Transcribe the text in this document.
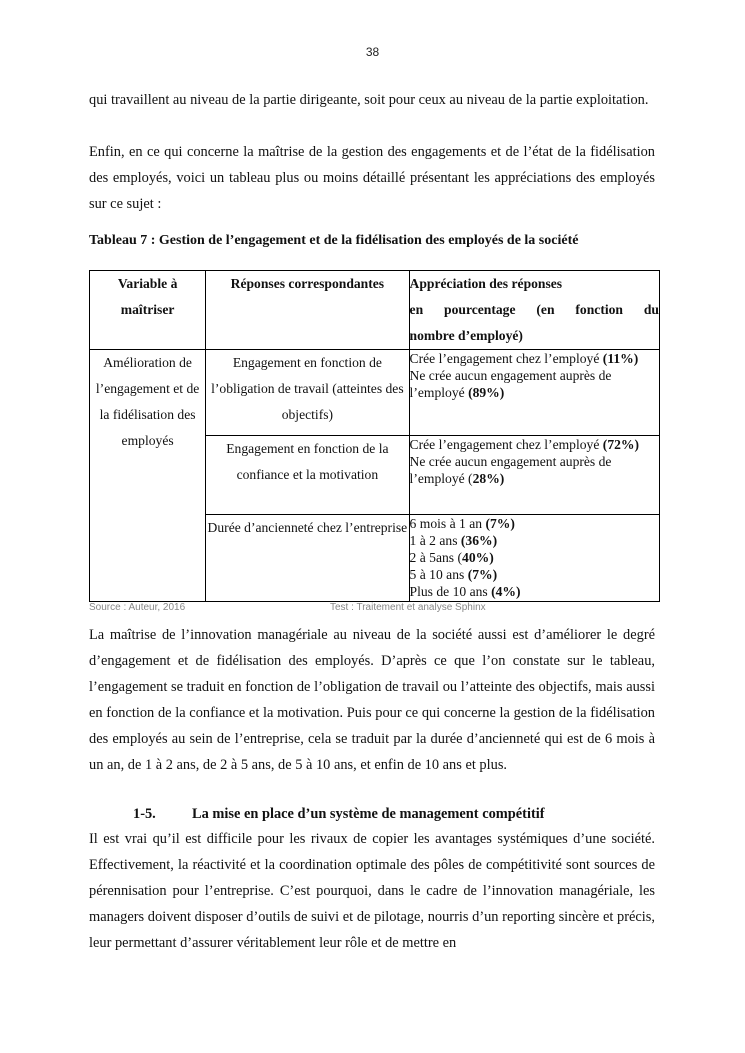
38

qui travaillent au niveau de la partie dirigeante, soit pour ceux au niveau de la partie exploitation.

Enfin, en ce qui concerne la maîtrise de la gestion des engagements et de l’état de la fidélisation des employés, voici un tableau plus ou moins détaillé présentant les appréciations des employés sur ce sujet :

Tableau 7 : Gestion de l’engagement et de la fidélisation des employés de la société
Variable à maîtriser	Réponses correspondantes	Appréciation des réponses
en pourcentage (en fonction du
nombre d’employé)

Amélioration de l’engagement et de la fidélisation des employés	Engagement en fonction de l’obligation de travail (atteintes des objectifs)	Crée l’engagement chez l’employé (11%)
Ne crée aucun engagement auprès de l’employé (89%)

	Engagement en fonction de la confiance et la motivation	Crée l’engagement chez l’employé (72%)
Ne crée aucun engagement auprès de l’employé (28%)

	Durée d’ancienneté chez l’entreprise	6 mois à 1 an (7%)
1 à 2 ans (36%)
2 à 5ans (40%)
5 à 10 ans (7%)
Plus de 10 ans (4%)
Source : Auteur, 2016	Test : Traitement et analyse Sphinx

La maîtrise de l’innovation managériale au niveau de la société aussi est d’améliorer le degré d’engagement et de fidélisation des employés. D’après ce que l’on constate sur le tableau, l’engagement se traduit en fonction de l’obligation de travail ou l’atteinte des objectifs, mais aussi en fonction de la confiance et la motivation. Puis pour ce qui concerne la gestion de la fidélisation des employés au sein de l’entreprise, cela se traduit par la durée d’ancienneté qui est de 6 mois à un an, de 1 à 2 ans, de 2 à 5 ans, de 5 à 10 ans, et enfin de 10 ans et plus.

1-5.	La mise en place d’un système de management compétitif

Il est vrai qu’il est difficile pour les rivaux de copier les avantages systémiques d’une société. Effectivement, la réactivité et la coordination optimale des pôles de compétitivité sont sources de pérennisation pour l’entreprise. C’est pourquoi, dans le cadre de l’innovation managériale, les managers doivent disposer d’outils de suivi et de pilotage, nourris d’un reporting sincère et précis, leur permettant d’assurer véritablement leur rôle et de mettre en
